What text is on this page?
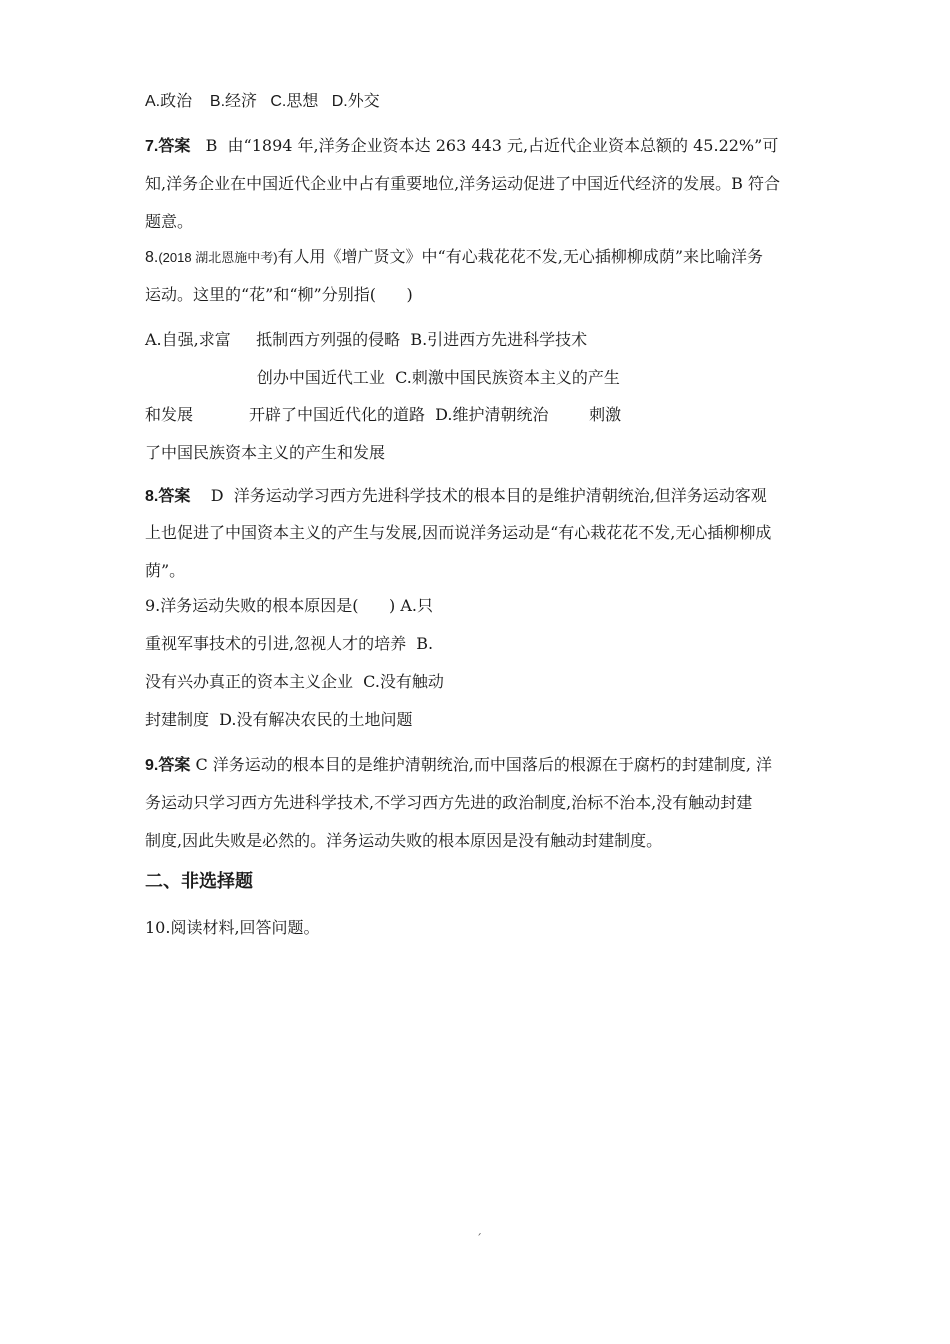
A.政治    B.经济   C.思想   D.外交
7.答案   B  由“1894 年,洋务企业资本达 263 443 元,占近代企业资本总额的 45.22%”可
知,洋务企业在中国近代企业中占有重要地位,洋务运动促进了中国近代经济的发展。B 符合
题意。
8.(2018 湖北恩施中考)有人用《增广贤文》中“有心栽花花不发,无心插柳柳成荫”来比喻洋务
运动。这里的“花”和“柳”分别指(      )
A.自强,求富     抵制西方列强的侵略  B.引进西方先进科学技术
创办中国近代工业  C.刺激中国民族资本主义的产生
和发展           开辟了中国近代化的道路  D.维护清朝统治        刺激
了中国民族资本主义的产生和发展
8.答案    D  洋务运动学习西方先进科学技术的根本目的是维护清朝统治,但洋务运动客观
上也促进了中国资本主义的产生与发展,因而说洋务运动是“有心栽花花不发,无心插柳柳成
荫”。
9.洋务运动失败的根本原因是(      ) A.只
重视军事技术的引进,忽视人才的培养  B.
没有兴办真正的资本主义企业  C.没有触动
封建制度  D.没有解决农民的土地问题
9.答案 C 洋务运动的根本目的是维护清朝统治,而中国落后的根源在于腐朽的封建制度, 洋
务运动只学习西方先进科学技术,不学习西方先进的政治制度,治标不治本,没有触动封建
制度,因此失败是必然的。洋务运动失败的根本原因是没有触动封建制度。
二、非选择题
10.阅读材料,回答问题。
ˊ
